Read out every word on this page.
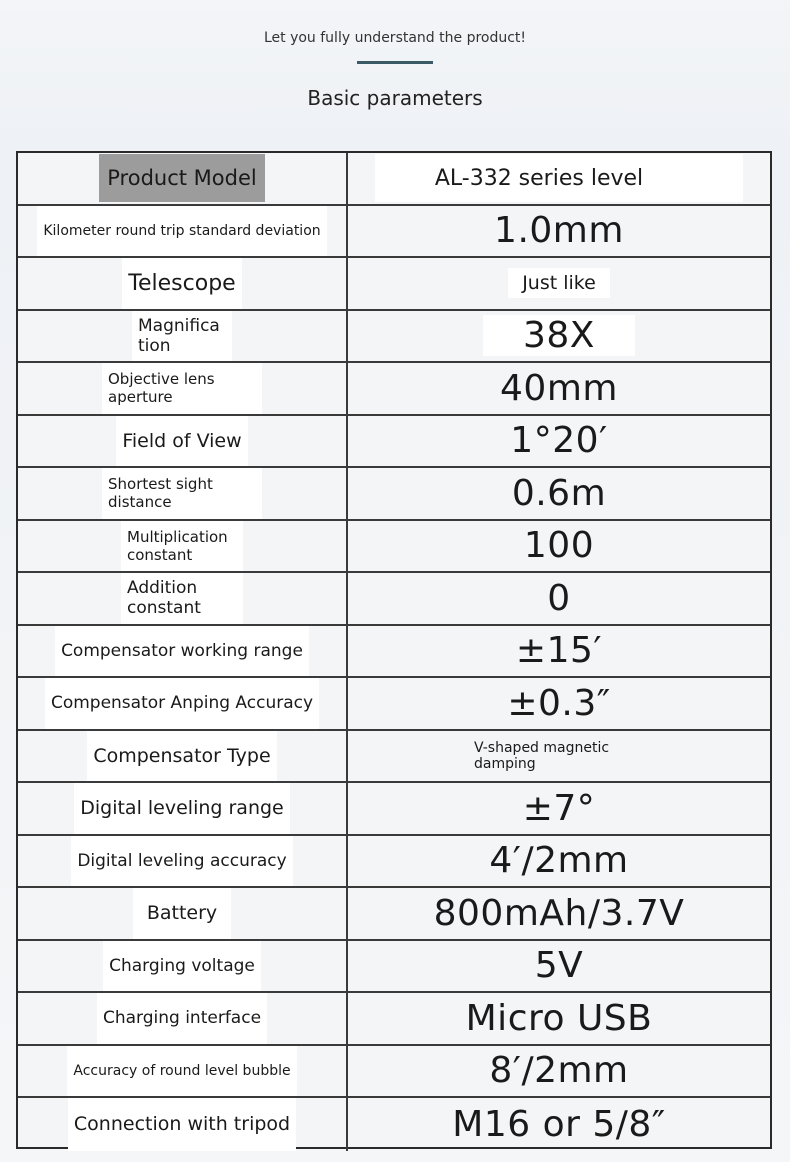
Let you fully understand the product!
Basic parameters
Product Model	AL-332 series level
Kilometer round trip standard deviation	1.0mm
Telescope	Just like
Magnifica
tion	38X
Objective lens
aperture	40mm
Field of View	1°20′
Shortest sight
distance	0.6m
Multiplication
constant	100
Addition
constant	0
Compensator working range	±15′
Compensator Anping Accuracy	±0.3″
Compensator Type	V-shaped magnetic
damping
Digital leveling range	±7°
Digital leveling accuracy	4′/2mm
Battery	800mAh/3.7V
Charging voltage	5V
Charging interface	Micro USB
Accuracy of round level bubble	8′/2mm
Connection with tripod	M16 or 5/8″
